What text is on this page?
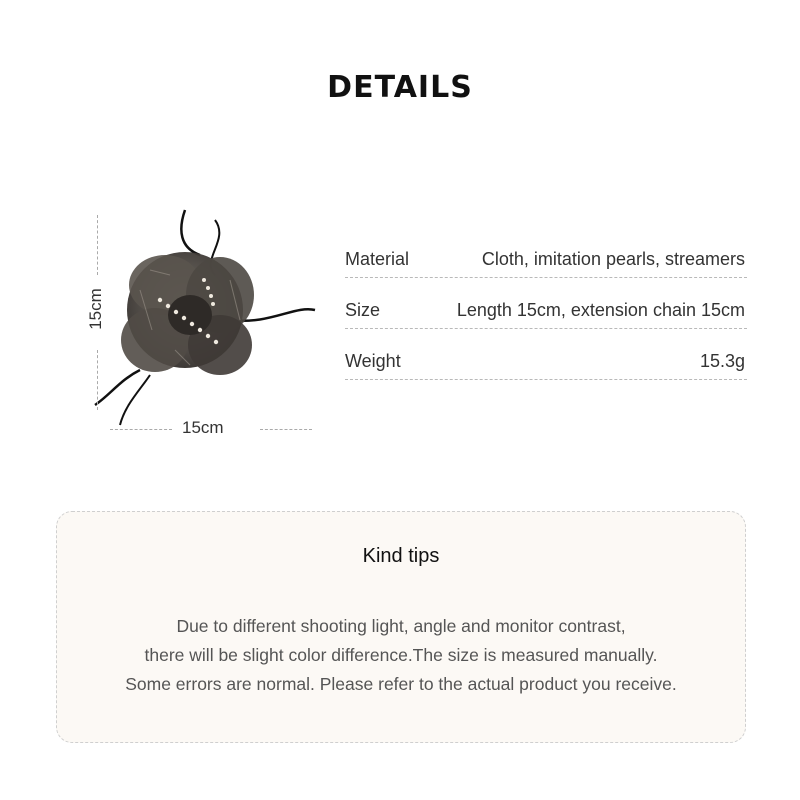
DETAILS
15cm
15cm
Material	Cloth, imitation pearls, streamers
Size	Length 15cm, extension chain 15cm
Weight	15.3g
Kind tips
Due to different shooting light, angle and monitor contrast,
there will be slight color difference.The size is measured manually.
Some errors are normal. Please refer to the actual product you receive.
